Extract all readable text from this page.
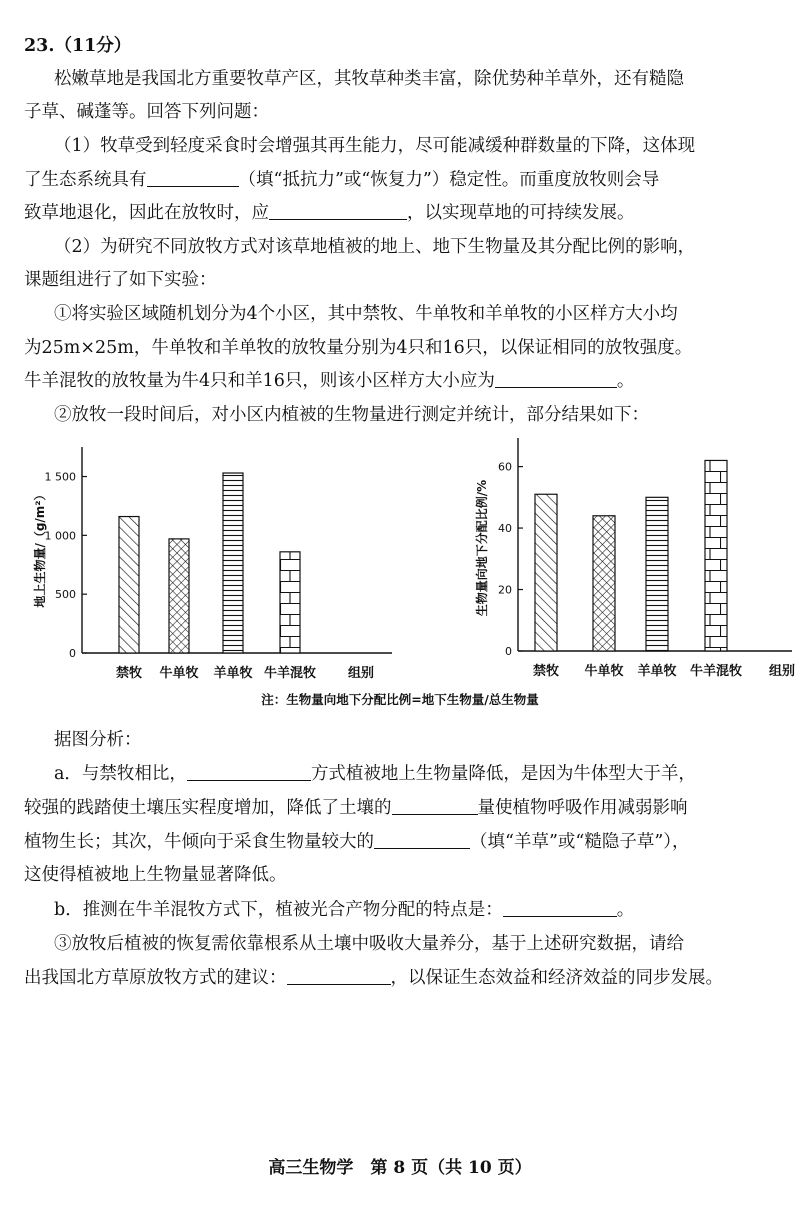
23.（11分）
松嫩草地是我国北方重要牧草产区，其牧草种类丰富，除优势种羊草外，还有糙隐
子草、碱蓬等。回答下列问题：
（1）牧草受到轻度采食时会增强其再生能力，尽可能减缓种群数量的下降，这体现
了生态系统具有	（填“抵抗力”或“恢复力”）稳定性。而重度放牧则会导
致草地退化，因此在放牧时，应	，以实现草地的可持续发展。
（2）为研究不同放牧方式对该草地植被的地上、地下生物量及其分配比例的影响，
课题组进行了如下实验：
①将实验区域随机划分为4个小区，其中禁牧、牛单牧和羊单牧的小区样方大小均
为25m×25m，牛单牧和羊单牧的放牧量分别为4只和16只，以保证相同的放牧强度。
牛羊混牧的放牧量为牛4只和羊16只，则该小区样方大小应为	。
②放牧一段时间后，对小区内植被的生物量进行测定并统计，部分结果如下：
0
500
1 000
1 500
禁牧 牛单牧 羊单牧 牛羊混牧 组别
地上生物量/（g/m²）
0
20
40
60
禁牧 牛单牧 羊单牧 牛羊混牧 组别
生物量向地下分配比例/%
注：生物量向地下分配比例=地下生物量/总生物量
据图分析：
a．与禁牧相比，	方式植被地上生物量降低，是因为牛体型大于羊，
较强的践踏使土壤压实程度增加，降低了土壤的	量使植物呼吸作用减弱影响
植物生长；其次，牛倾向于采食生物量较大的	（填“羊草”或“糙隐子草”），
这使得植被地上生物量显著降低。
b．推测在牛羊混牧方式下，植被光合产物分配的特点是：	。
③放牧后植被的恢复需依靠根系从土壤中吸收大量养分，基于上述研究数据，请给
出我国北方草原放牧方式的建议：	，以保证生态效益和经济效益的同步发展。
高三生物学　第 8 页（共 10 页）
